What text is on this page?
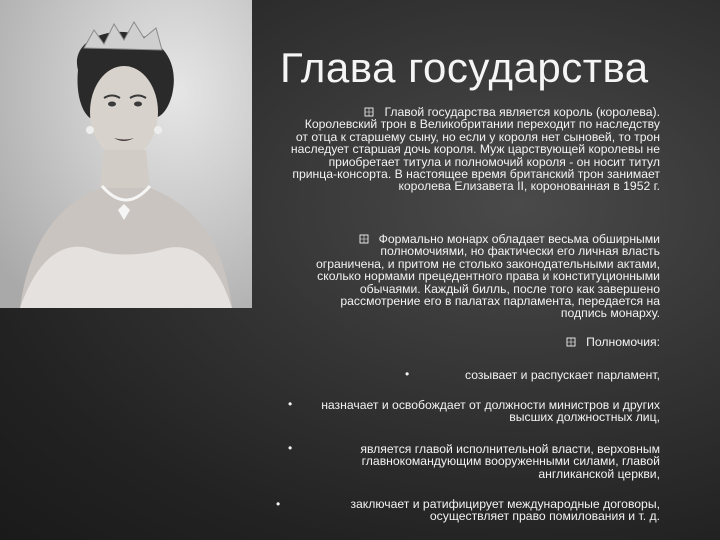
Глава государства
Главой государства является король (королева). Королевский трон в Великобритании переходит по наследству от отца к старшему сыну, но если у короля нет сыновей, то трон наследует старшая дочь короля. Муж царствующей королевы не приобретает титула и полномочий короля - он носит титул принца-консорта. В настоящее время британский трон занимает королева Елизавета II, коронованная в 1952 г.
Формально монарх обладает весьма обширными полномочиями, но фактически его личная власть ограничена, и притом не столько законодательными актами, сколько нормами прецедентного права и конституционными обычаями. Каждый билль, после того как завершено рассмотрение его в палатах парламента, передается на подпись монарху.
Полномочия:
•	созывает и распускает парламент,
•	назначает и освобождает от должности министров и других высших должностных лиц,
•	является главой исполнительной власти, верховным главнокомандующим вооруженными силами, главой англиканской церкви,
•	заключает и ратифицирует международные договоры, осуществляет право помилования и т. д.
